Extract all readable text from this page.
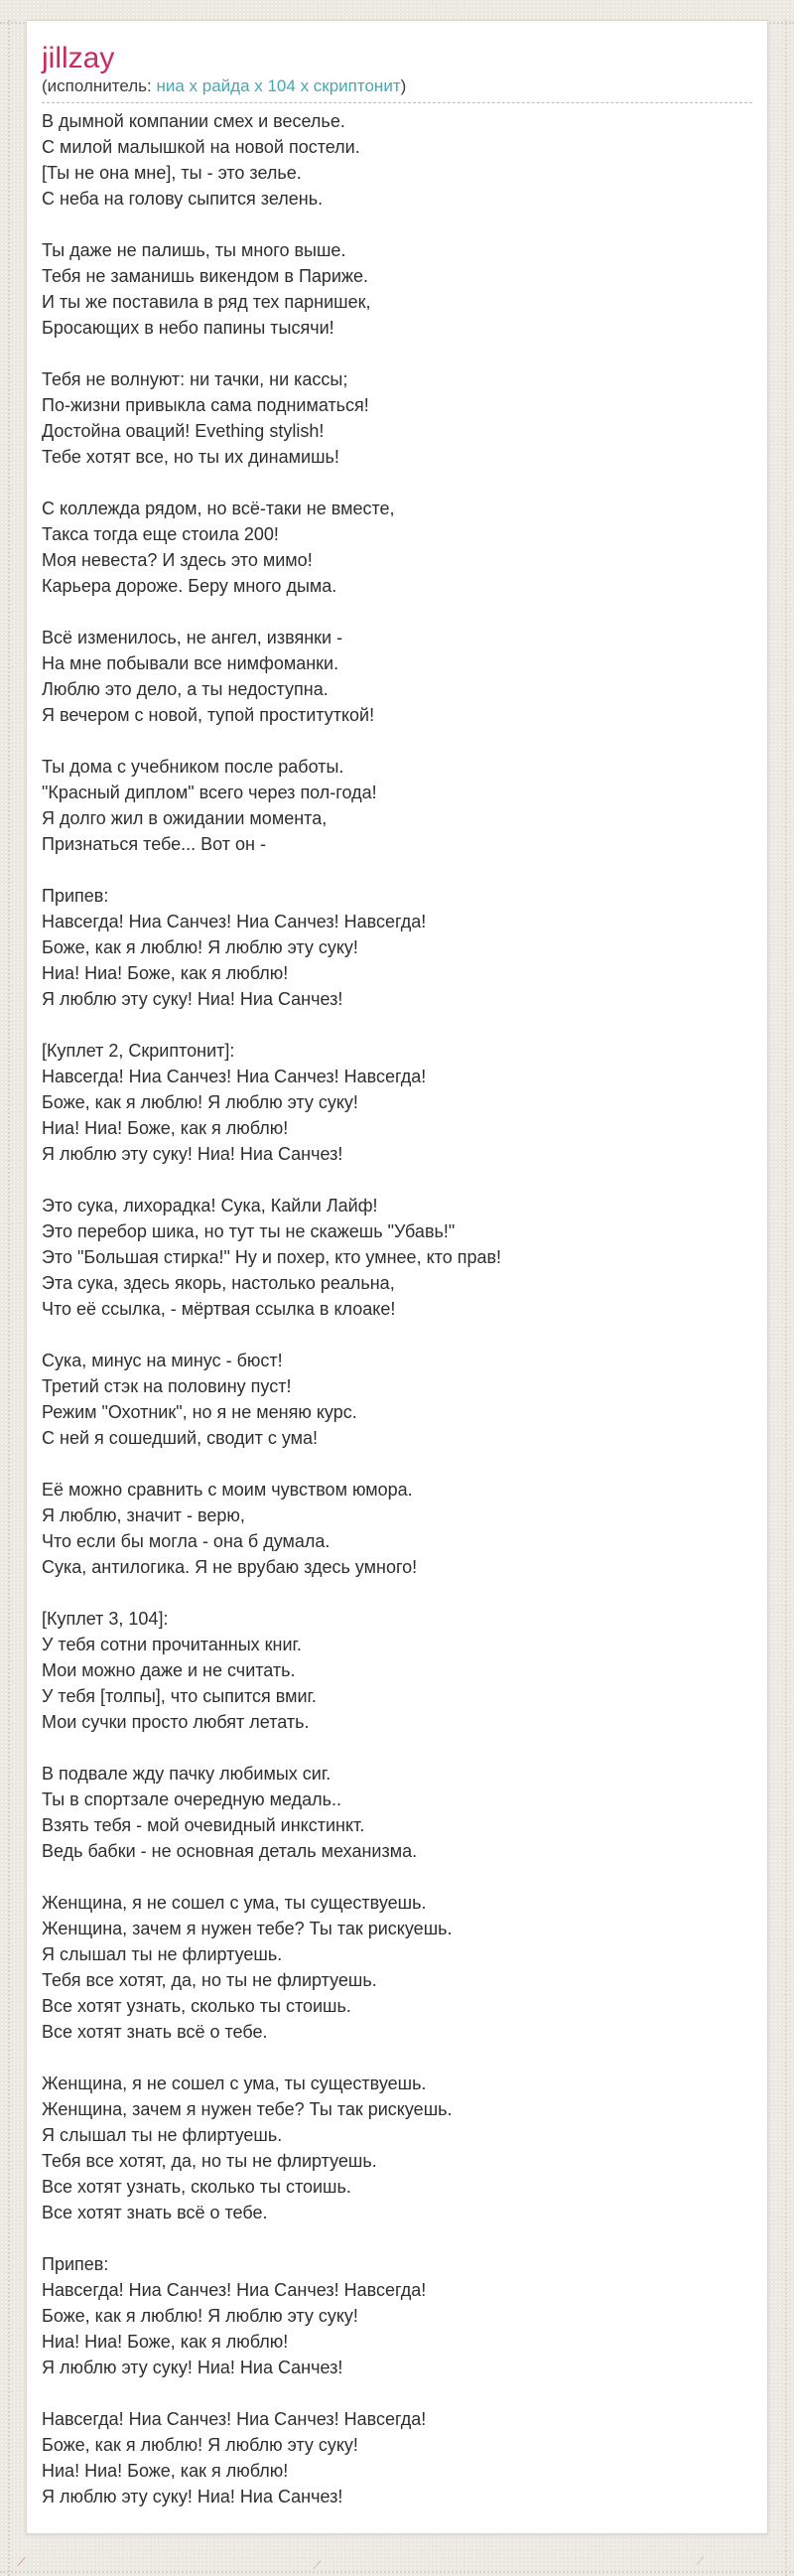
jillzay
(исполнитель: ниа х райда х 104 х скриптонит)

В дымной компании смех и веселье.
С милой малышкой на новой постели.
[Ты не она мне], ты - это зелье.
С неба на голову сыпится зелень.

Ты даже не палишь, ты много выше.
Тебя не заманишь викендом в Париже.
И ты же поставила в ряд тех парнишек,
Бросающих в небо папины тысячи!

Тебя не волнуют: ни тачки, ни кассы;
По-жизни привыкла сама подниматься!
Достойна оваций! Evething stylish!
Тебе хотят все, но ты их динамишь!

С коллежда рядом, но всё-таки не вместе,
Такса тогда еще стоила 200!
Моя невеста? И здесь это мимо!
Карьера дороже. Беру много дыма.

Всё изменилось, не ангел, извянки -
На мне побывали все нимфоманки.
Люблю это дело, а ты недоступна.
Я вечером с новой, тупой проституткой!

Ты дома с учебником после работы.
"Красный диплом" всего через пол-года!
Я долго жил в ожидании момента,
Признаться тебе... Вот он -

Припев:
Навсегда! Ниа Санчез! Ниа Санчез! Навсегда!
Боже, как я люблю! Я люблю эту суку!
Ниа! Ниа! Боже, как я люблю!
Я люблю эту суку! Ниа! Ниа Санчез!

[Куплет 2, Скриптонит]:
Навсегда! Ниа Санчез! Ниа Санчез! Навсегда!
Боже, как я люблю! Я люблю эту суку!
Ниа! Ниа! Боже, как я люблю!
Я люблю эту суку! Ниа! Ниа Санчез!

Это сука, лихорадка! Сука, Кайли Лайф!
Это перебор шика, но тут ты не скажешь "Убавь!"
Это "Большая стирка!" Ну и похер, кто умнее, кто прав!
Эта сука, здесь якорь, настолько реальна,
Что её ссылка, - мёртвая ссылка в клоаке!

Сука, минус на минус - бюст!
Третий стэк на половину пуст!
Режим "Охотник", но я не меняю курс.
С ней я сошедший, сводит с ума!

Её можно сравнить с моим чувством юмора.
Я люблю, значит - верю,
Что если бы могла - она б думала.
Сука, антилогика. Я не врубаю здесь умного!

[Куплет 3, 104]:
У тебя сотни прочитанных книг.
Мои можно даже и не считать.
У тебя [толпы], что сыпится вмиг.
Мои сучки просто любят летать.

В подвале жду пачку любимых сиг.
Ты в спортзале очередную медаль..
Взять тебя - мой очевидный инкстинкт.
Ведь бабки - не основная деталь механизма.

Женщина, я не сошел с ума, ты существуешь.
Женщина, зачем я нужен тебе? Ты так рискуешь.
Я слышал ты не флиртуешь.
Тебя все хотят, да, но ты не флиртуешь.
Все хотят узнать, сколько ты стоишь.
Все хотят знать всё о тебе.

Женщина, я не сошел с ума, ты существуешь.
Женщина, зачем я нужен тебе? Ты так рискуешь.
Я слышал ты не флиртуешь.
Тебя все хотят, да, но ты не флиртуешь.
Все хотят узнать, сколько ты стоишь.
Все хотят знать всё о тебе.

Припев:
Навсегда! Ниа Санчез! Ниа Санчез! Навсегда!
Боже, как я люблю! Я люблю эту суку!
Ниа! Ниа! Боже, как я люблю!
Я люблю эту суку! Ниа! Ниа Санчез!

Навсегда! Ниа Санчез! Ниа Санчез! Навсегда!
Боже, как я люблю! Я люблю эту суку!
Ниа! Ниа! Боже, как я люблю!
Я люблю эту суку! Ниа! Ниа Санчез!
